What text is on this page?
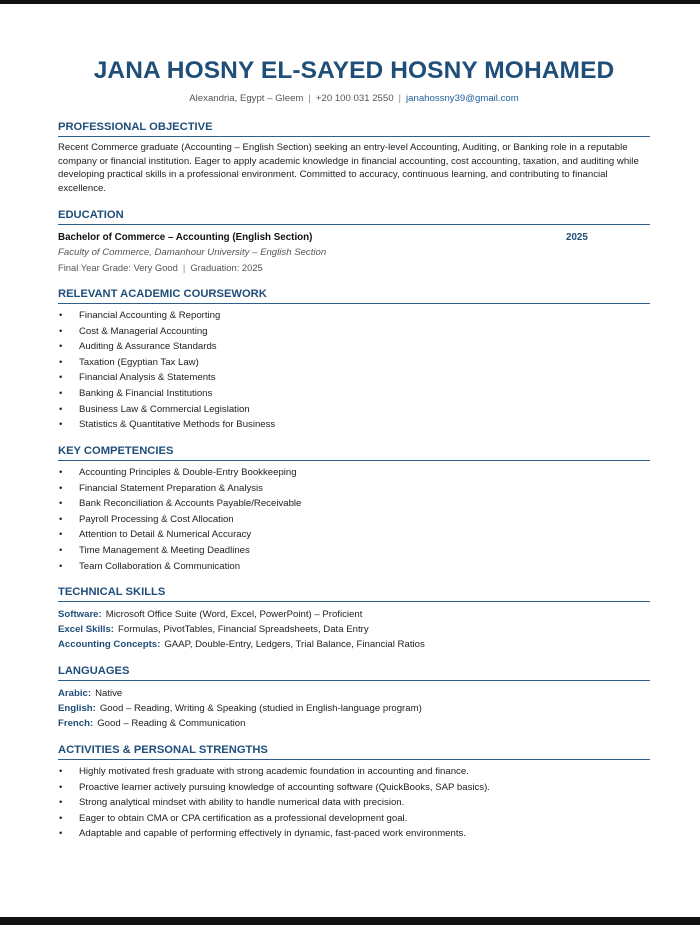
JANA HOSNY EL-SAYED HOSNY MOHAMED
Alexandria, Egypt – Gleem | +20 100 031 2550 | janahossny39@gmail.com
PROFESSIONAL OBJECTIVE
Recent Commerce graduate (Accounting – English Section) seeking an entry-level Accounting, Auditing, or Banking role in a reputable company or financial institution. Eager to apply academic knowledge in financial accounting, cost accounting, taxation, and auditing while developing practical skills in a professional environment. Committed to accuracy, continuous learning, and contributing to financial excellence.
EDUCATION
Bachelor of Commerce – Accounting (English Section)	2025
Faculty of Commerce, Damanhour University – English Section
Final Year Grade: Very Good | Graduation: 2025
RELEVANT ACADEMIC COURSEWORK
• Financial Accounting & Reporting
• Cost & Managerial Accounting
• Auditing & Assurance Standards
• Taxation (Egyptian Tax Law)
• Financial Analysis & Statements
• Banking & Financial Institutions
• Business Law & Commercial Legislation
• Statistics & Quantitative Methods for Business
KEY COMPETENCIES
• Accounting Principles & Double-Entry Bookkeeping
• Financial Statement Preparation & Analysis
• Bank Reconciliation & Accounts Payable/Receivable
• Payroll Processing & Cost Allocation
• Attention to Detail & Numerical Accuracy
• Time Management & Meeting Deadlines
• Team Collaboration & Communication
TECHNICAL SKILLS
Software: Microsoft Office Suite (Word, Excel, PowerPoint) – Proficient
Excel Skills: Formulas, PivotTables, Financial Spreadsheets, Data Entry
Accounting Concepts: GAAP, Double-Entry, Ledgers, Trial Balance, Financial Ratios
LANGUAGES
Arabic: Native
English: Good – Reading, Writing & Speaking (studied in English-language program)
French: Good – Reading & Communication
ACTIVITIES & PERSONAL STRENGTHS
• Highly motivated fresh graduate with strong academic foundation in accounting and finance.
• Proactive learner actively pursuing knowledge of accounting software (QuickBooks, SAP basics).
• Strong analytical mindset with ability to handle numerical data with precision.
• Eager to obtain CMA or CPA certification as a professional development goal.
• Adaptable and capable of performing effectively in dynamic, fast-paced work environments.
